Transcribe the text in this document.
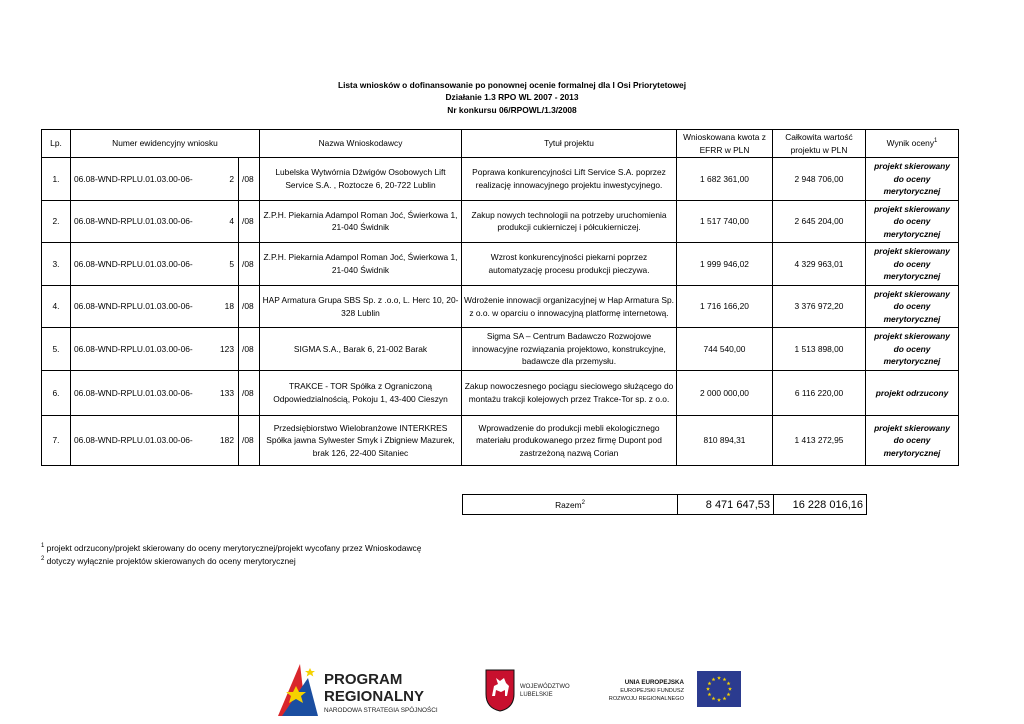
Lista wniosków o dofinansowanie po ponownej ocenie formalnej dla I Osi Priorytetowej
Działanie 1.3 RPO WL 2007 - 2013
Nr konkursu 06/RPOWL/1.3/2008
Lp.	Numer ewidencyjny wniosku			Nazwa Wnioskodawcy	Tytuł projektu	Wnioskowana kwota z EFRR w PLN	Całkowita wartość projektu w PLN	Wynik oceny$^1$
1.	06.08-WND-RPLU.01.03.00-06-	2	/08	Lubelska Wytwórnia Dźwigów Osobowych Lift Service S.A. , Roztocze 6, 20-722 Lublin	Poprawa konkurencyjności Lift Service S.A. poprzez realizację innowacyjnego projektu inwestycyjnego.	1 682 361,00	2 948 706,00	projekt skierowany do oceny merytorycznej
2.	06.08-WND-RPLU.01.03.00-06-	4	/08	Z.P.H. Piekarnia Adampol Roman Joć, Świerkowa 1, 21-040 Świdnik	Zakup nowych technologii na potrzeby uruchomienia produkcji cukierniczej i półcukierniczej.	1 517 740,00	2 645 204,00	projekt skierowany do oceny merytorycznej
3.	06.08-WND-RPLU.01.03.00-06-	5	/08	Z.P.H. Piekarnia Adampol Roman Joć, Świerkowa 1, 21-040 Świdnik	Wzrost konkurencyjności piekarni poprzez automatyzację procesu produkcji pieczywa.	1 999 946,02	4 329 963,01	projekt skierowany do oceny merytorycznej
4.	06.08-WND-RPLU.01.03.00-06-	18	/08	HAP Armatura Grupa SBS Sp. z .o.o, L. Herc 10, 20-328 Lublin	Wdrożenie innowacji organizacyjnej w Hap Armatura Sp. z o.o. w oparciu o innowacyjną platformę internetową.	1 716 166,20	3 376 972,20	projekt skierowany do oceny merytorycznej
5.	06.08-WND-RPLU.01.03.00-06-	123	/08	SIGMA S.A., Barak 6, 21-002 Barak	Sigma SA – Centrum Badawczo Rozwojowe innowacyjne rozwiązania projektowo, konstrukcyjne, badawcze dla przemysłu.	744 540,00	1 513 898,00	projekt skierowany do oceny merytorycznej
6.	06.08-WND-RPLU.01.03.00-06-	133	/08	TRAKCE - TOR Spółka z Ograniczoną Odpowiedzialnością, Pokoju 1, 43-400 Cieszyn	Zakup nowoczesnego pociągu sieciowego służącego do montażu trakcji kolejowych przez Trakce-Tor sp. z o.o.	2 000 000,00	6 116 220,00	projekt odrzucony
7.	06.08-WND-RPLU.01.03.00-06-	182	/08	Przedsiębiorstwo Wielobranżowe INTERKRES Spółka jawna Sylwester Smyk i Zbigniew Mazurek, brak 126, 22-400 Sitaniec	Wprowadzenie do produkcji mebli ekologicznego materiału produkowanego przez firmę Dupont pod zastrzeżoną nazwą Corian	810 894,31	1 413 272,95	projekt skierowany do oceny merytorycznej
Razem$^2$	8 471 647,53	16 228 016,16
$^1$ projekt odrzucony/projekt skierowany do oceny merytorycznej/projekt wycofany przez Wnioskodawcę
$^2$ dotyczy wyłącznie projektów skierowanych do oceny merytorycznej
PROGRAM
REGIONALNY
NARODOWA STRATEGIA SPÓJNOŚCI
WOJEWÓDZTWO
LUBELSKIE
UNIA EUROPEJSKA
EUROPEJSKI FUNDUSZ
ROZWOJU REGIONALNEGO
